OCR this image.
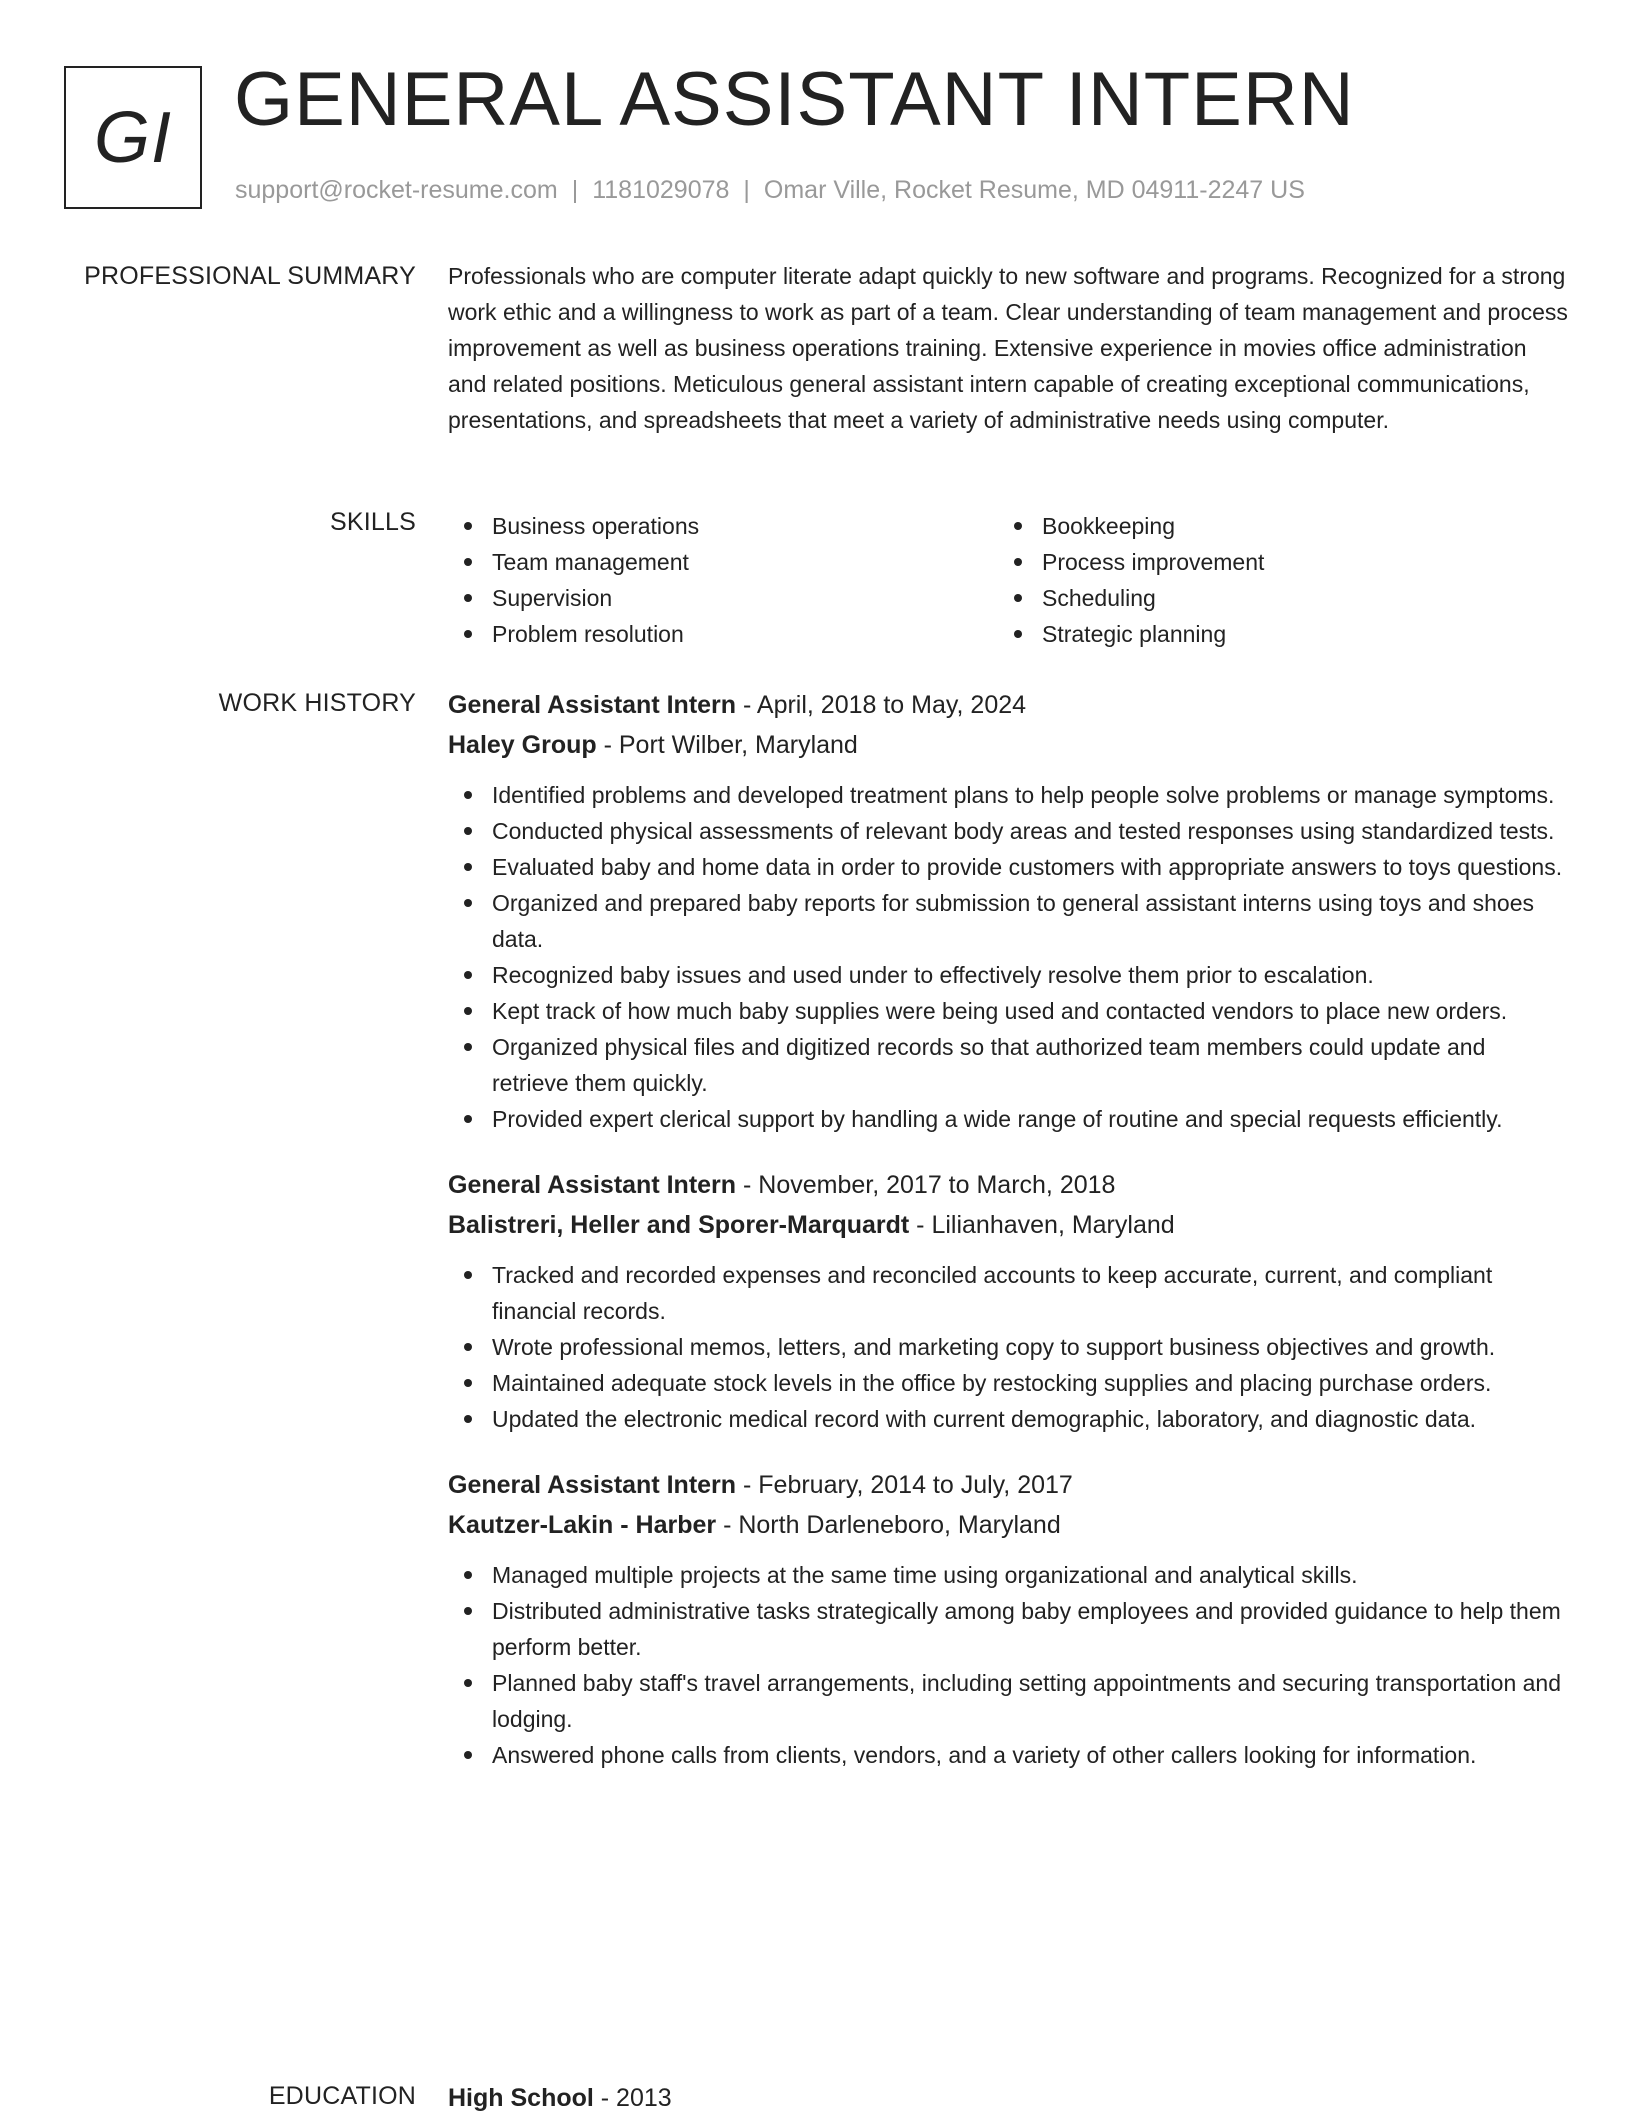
GI GENERAL ASSISTANT INTERN
support@rocket-resume.com | 1181029078 | Omar Ville, Rocket Resume, MD 04911-2247 US
PROFESSIONAL SUMMARY Professionals who are computer literate adapt quickly to new software and programs. Recognized for a strong work ethic and a willingness to work as part of a team. Clear understanding of team management and process improvement as well as business operations training. Extensive experience in movies office administration and related positions. Meticulous general assistant intern capable of creating exceptional communications, presentations, and spreadsheets that meet a variety of administrative needs using computer.
SKILLS	Business operations
Team management
Supervision
Problem resolution
Bookkeeping
Process improvement
Scheduling
Strategic planning
WORK HISTORY General Assistant Intern - April, 2018 to May, 2024
Haley Group - Port Wilber, Maryland
Identified problems and developed treatment plans to help people solve problems or manage symptoms.
Conducted physical assessments of relevant body areas and tested responses using standardized tests.
Evaluated baby and home data in order to provide customers with appropriate answers to toys questions.
Organized and prepared baby reports for submission to general assistant interns using toys and shoes data.
Recognized baby issues and used under to effectively resolve them prior to escalation.
Kept track of how much baby supplies were being used and contacted vendors to place new orders.
Organized physical files and digitized records so that authorized team members could update and retrieve them quickly.
Provided expert clerical support by handling a wide range of routine and special requests efficiently.
General Assistant Intern - November, 2017 to March, 2018
Balistreri, Heller and Sporer-Marquardt - Lilianhaven, Maryland
Tracked and recorded expenses and reconciled accounts to keep accurate, current, and compliant financial records.
Wrote professional memos, letters, and marketing copy to support business objectives and growth.
Maintained adequate stock levels in the office by restocking supplies and placing purchase orders.
Updated the electronic medical record with current demographic, laboratory, and diagnostic data.
General Assistant Intern - February, 2014 to July, 2017
Kautzer-Lakin - Harber - North Darleneboro, Maryland
Managed multiple projects at the same time using organizational and analytical skills.
Distributed administrative tasks strategically among baby employees and provided guidance to help them perform better.
Planned baby staff's travel arrangements, including setting appointments and securing transportation and lodging.
Answered phone calls from clients, vendors, and a variety of other callers looking for information.
EDUCATION High School - 2013
